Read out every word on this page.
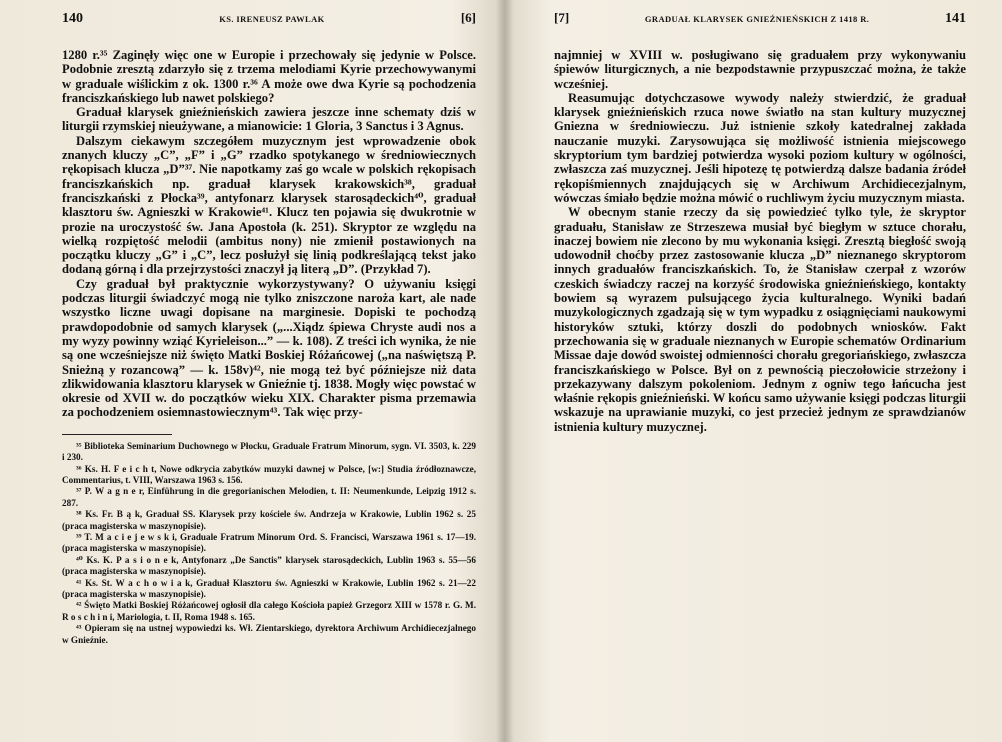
140	KS. IRENEUSZ PAWLAK	[6]

1280 r.³⁵ Zaginęły więc one w Europie i przechowały się jedynie w Polsce. Podobnie zresztą zdarzyło się z trzema melodiami Kyrie przechowywanymi w graduale wiślickim z ok. 1300 r.³⁶ A może owe dwa Kyrie są pochodzenia franciszkańskiego lub nawet polskiego?

Graduał klarysek gnieźnieńskich zawiera jeszcze inne schematy dziś w liturgii rzymskiej nieużywane, a mianowicie: 1 Gloria, 3 Sanctus i 3 Agnus.

Dalszym ciekawym szczegółem muzycznym jest wprowadzenie obok znanych kluczy „C”, „F” i „G” rzadko spotykanego w średniowiecznych rękopisach klucza „D”³⁷. Nie napotkamy zaś go wcale w polskich rękopisach franciszkańskich np. graduał klarysek krakowskich³⁸, graduał franciszkański z Płocka³⁹, antyfonarz klarysek starosądeckich⁴⁰, graduał klasztoru św. Agnieszki w Krakowie⁴¹. Klucz ten pojawia się dwukrotnie w prozie na uroczystość św. Jana Apostoła (k. 251). Skryptor ze względu na wielką rozpiętość melodii (ambitus nony) nie zmienił postawionych na początku kluczy „G” i „C”, lecz posłużył się linią podkreślającą tekst jako dodaną górną i dla przejrzystości znaczył ją literą „D”. (Przykład 7).

Czy graduał był praktycznie wykorzystywany? O używaniu księgi podczas liturgii świadczyć mogą nie tylko zniszczone naroża kart, ale nade wszystko liczne uwagi dopisane na marginesie. Dopiski te pochodzą prawdopodobnie od samych klarysek („...Xiądz śpiewa Chryste audi nos a my wyzy powinny wziąć Kyrieleison...” — k. 108). Z treści ich wynika, że nie są one wcześniejsze niż święto Matki Boskiej Różańcowej („na naświętszą P. Snieżną y rozancową” — k. 158v)⁴², nie mogą też być późniejsze niż data zlikwidowania klasztoru klarysek w Gnieźnie tj. 1838. Mogły więc powstać w okresie od XVII w. do początków wieku XIX. Charakter pisma przemawia za pochodzeniem osiemnastowiecznym⁴³. Tak więc przy-

³⁵ Biblioteka Seminarium Duchownego w Płocku, Graduale Fratrum Minorum, sygn. VI. 3503, k. 229 i 230.

³⁶ Ks. H. F e i c h t, Nowe odkrycia zabytków muzyki dawnej w Polsce, [w:] Studia źródłoznawcze, Commentarius, t. VIII, Warszawa 1963 s. 156.

³⁷ P. W a g n e r, Einführung in die gregorianischen Melodien, t. II: Neumenkunde, Leipzig 1912 s. 287.

³⁸ Ks. Fr. B ą k, Graduał SS. Klarysek przy kościele św. Andrzeja w Krakowie, Lublin 1962 s. 25 (praca magisterska w maszynopisie).

³⁹ T. M a c i e j e w s k i, Graduale Fratrum Minorum Ord. S. Francisci, Warszawa 1961 s. 17—19. (praca magisterska w maszynopisie).

⁴⁰ Ks. K. P a s i o n e k, Antyfonarz „De Sanctis” klarysek starosądeckich, Lublin 1963 s. 55—56 (praca magisterska w maszynopisie).

⁴¹ Ks. St. W a c h o w i a k, Graduał Klasztoru św. Agnieszki w Krakowie, Lublin 1962 s. 21—22 (praca magisterska w maszynopisie).

⁴² Święto Matki Boskiej Różańcowej ogłosił dla całego Kościoła papież Grzegorz XIII w 1578 r. G. M. R o s c h i n i, Mariologia, t. II, Roma 1948 s. 165.

⁴³ Opieram się na ustnej wypowiedzi ks. Wł. Zientarskiego, dyrektora Archiwum Archidiecezjalnego w Gnieźnie.

[7]	GRADUAŁ KLARYSEK GNIEŹNIEŃSKICH Z 1418 R.	141

najmniej w XVIII w. posługiwano się graduałem przy wykonywaniu śpiewów liturgicznych, a nie bezpodstawnie przypuszczać można, że także wcześniej.

Reasumując dotychczasowe wywody należy stwierdzić, że graduał klarysek gnieźnieńskich rzuca nowe światło na stan kultury muzycznej Gniezna w średniowieczu. Już istnienie szkoły katedralnej zakłada nauczanie muzyki. Zarysowująca się możliwość istnienia miejscowego skryptorium tym bardziej potwierdza wysoki poziom kultury w ogólności, zwłaszcza zaś muzycznej. Jeśli hipotezę tę potwierdzą dalsze badania źródeł rękopiśmiennych znajdujących się w Archiwum Archidiecezjalnym, wówczas śmiało będzie można mówić o ruchliwym życiu muzycznym miasta.

W obecnym stanie rzeczy da się powiedzieć tylko tyle, że skryptor graduału, Stanisław ze Strzeszewa musiał być biegłym w sztuce chorału, inaczej bowiem nie zlecono by mu wykonania księgi. Zresztą biegłość swoją udowodnił choćby przez zastosowanie klucza „D” nieznanego skryptorom innych graduałów franciszkańskich. To, że Stanisław czerpał z wzorów czeskich świadczy raczej na korzyść środowiska gnieźnieńskiego, kontakty bowiem są wyrazem pulsującego życia kulturalnego. Wyniki badań muzykologicznych zgadzają się w tym wypadku z osiągnięciami naukowymi historyków sztuki, którzy doszli do podobnych wniosków. Fakt przechowania się w graduale nieznanych w Europie schematów Ordinarium Missae daje dowód swoistej odmienności chorału gregoriańskiego, zwłaszcza franciszkańskiego w Polsce. Był on z pewnością pieczołowicie strzeżony i przekazywany dalszym pokoleniom. Jednym z ogniw tego łańcucha jest właśnie rękopis gnieźnieński. W końcu samo używanie księgi podczas liturgii wskazuje na uprawianie muzyki, co jest przecież jednym ze sprawdzianów istnienia kultury muzycznej.
